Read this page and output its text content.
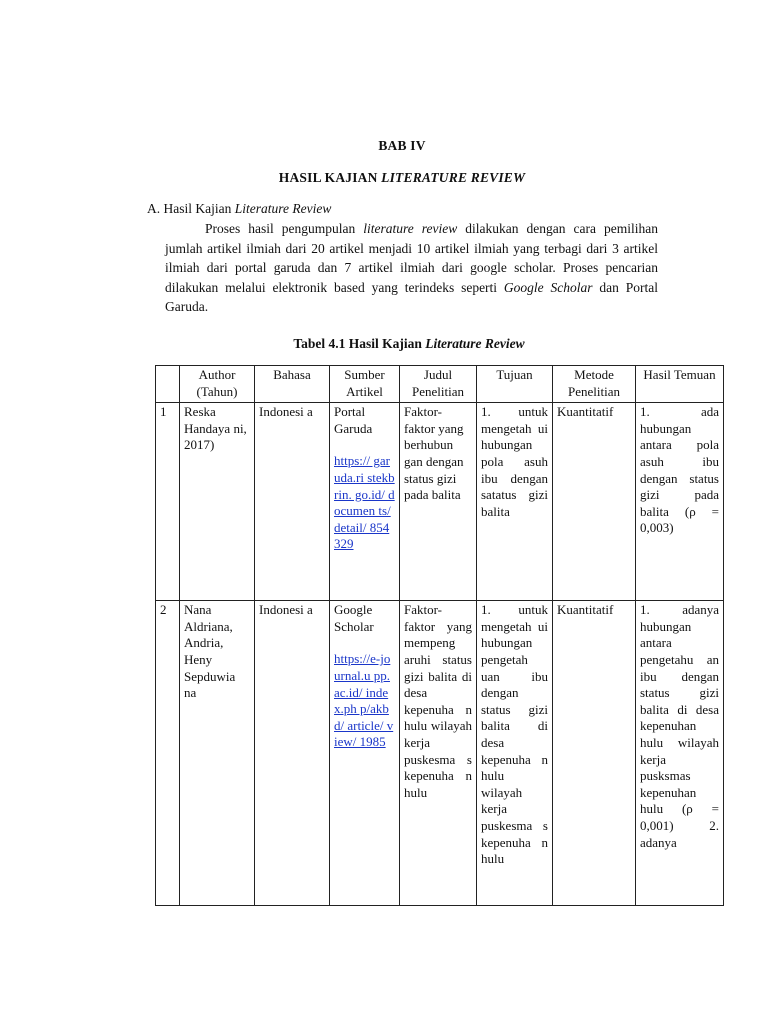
BAB IV
HASIL KAJIAN LITERATURE REVIEW
A. Hasil Kajian Literature Review
Proses hasil pengumpulan literature review dilakukan dengan cara pemilihan jumlah artikel ilmiah dari 20 artikel menjadi 10 artikel ilmiah yang terbagi dari 3 artikel ilmiah dari portal garuda dan 7 artikel ilmiah dari google scholar. Proses pencarian dilakukan melalui elektronik based yang terindeks seperti Google Scholar dan Portal Garuda.
Tabel 4.1 Hasil Kajian Literature Review
	Author (Tahun)	Bahasa	Sumber Artikel	Judul Penelitian	Tujuan	Metode Penelitian	Hasil Temuan
1	Reska Handaya ni, 2017)	Indonesi a	Portal Garuda
https:// garuda.ri stekbrin. go.id/ documen ts/ detail/ 854329	Faktor-faktor yang berhubun gan dengan status gizi pada balita	1. untuk mengetah ui hubungan pola asuh ibu dengan satatus gizi balita	Kuantitatif	1. ada hubungan antara pola asuh ibu dengan status gizi pada balita (ρ = 0,003)
2	Nana Aldriana, Andria, Heny Sepduwia na	Indonesi a	Google Scholar
https://e-journal.u pp.ac.id/ index.ph p/akbd/ article/ view/ 1985	Faktor-faktor yang mempeng aruhi status gizi balita di desa kepenuha n hulu wilayah kerja puskesma s kepenuha n hulu	1. untuk mengetah ui hubungan pengetah uan ibu dengan status gizi balita di desa kepenuha n hulu wilayah kerja puskesma s kepenuha n hulu	Kuantitatif	1. adanya hubungan antara pengetahu an ibu dengan status gizi balita di desa kepenuhan hulu wilayah kerja pusksmas kepenuhan hulu (ρ = 0,001) 2. adanya
